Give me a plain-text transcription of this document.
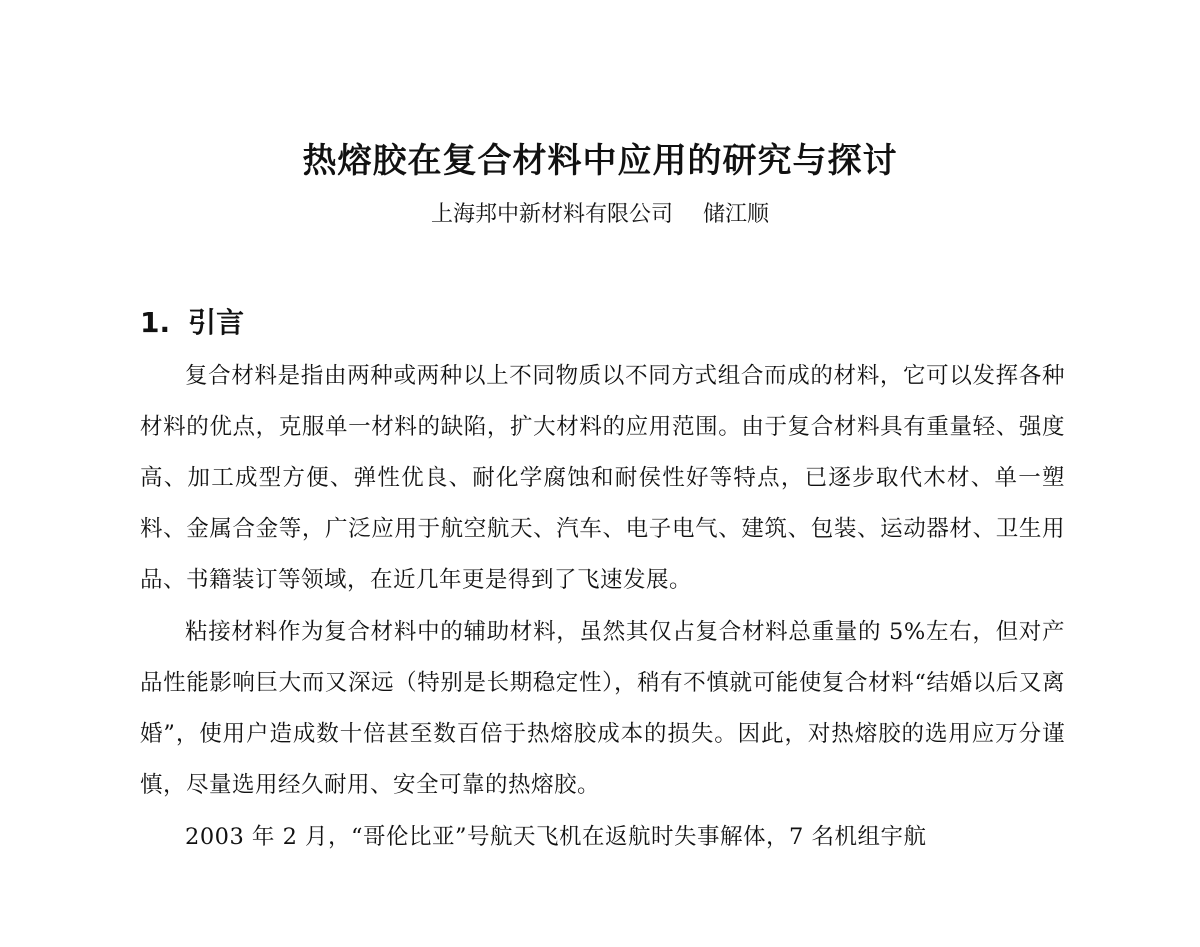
热熔胶在复合材料中应用的研究与探讨
上海邦中新材料有限公司 储江顺
1. 引言

复合材料是指由两种或两种以上不同物质以不同方式组合而成的材料，它可以发挥各种材料的优点，克服单一材料的缺陷，扩大材料的应用范围。由于复合材料具有重量轻、强度高、加工成型方便、弹性优良、耐化学腐蚀和耐侯性好等特点，已逐步取代木材、单一塑料、金属合金等，广泛应用于航空航天、汽车、电子电气、建筑、包装、运动器材、卫生用品、书籍装订等领域，在近几年更是得到了飞速发展。

粘接材料作为复合材料中的辅助材料，虽然其仅占复合材料总重量的 5%左右，但对产品性能影响巨大而又深远（特别是长期稳定性），稍有不慎就可能使复合材料“结婚以后又离婚”，使用户造成数十倍甚至数百倍于热熔胶成本的损失。因此，对热熔胶的选用应万分谨慎，尽量选用经久耐用、安全可靠的热熔胶。

2003 年 2 月，“哥伦比亚”号航天飞机在返航时失事解体，7 名机组宇航
